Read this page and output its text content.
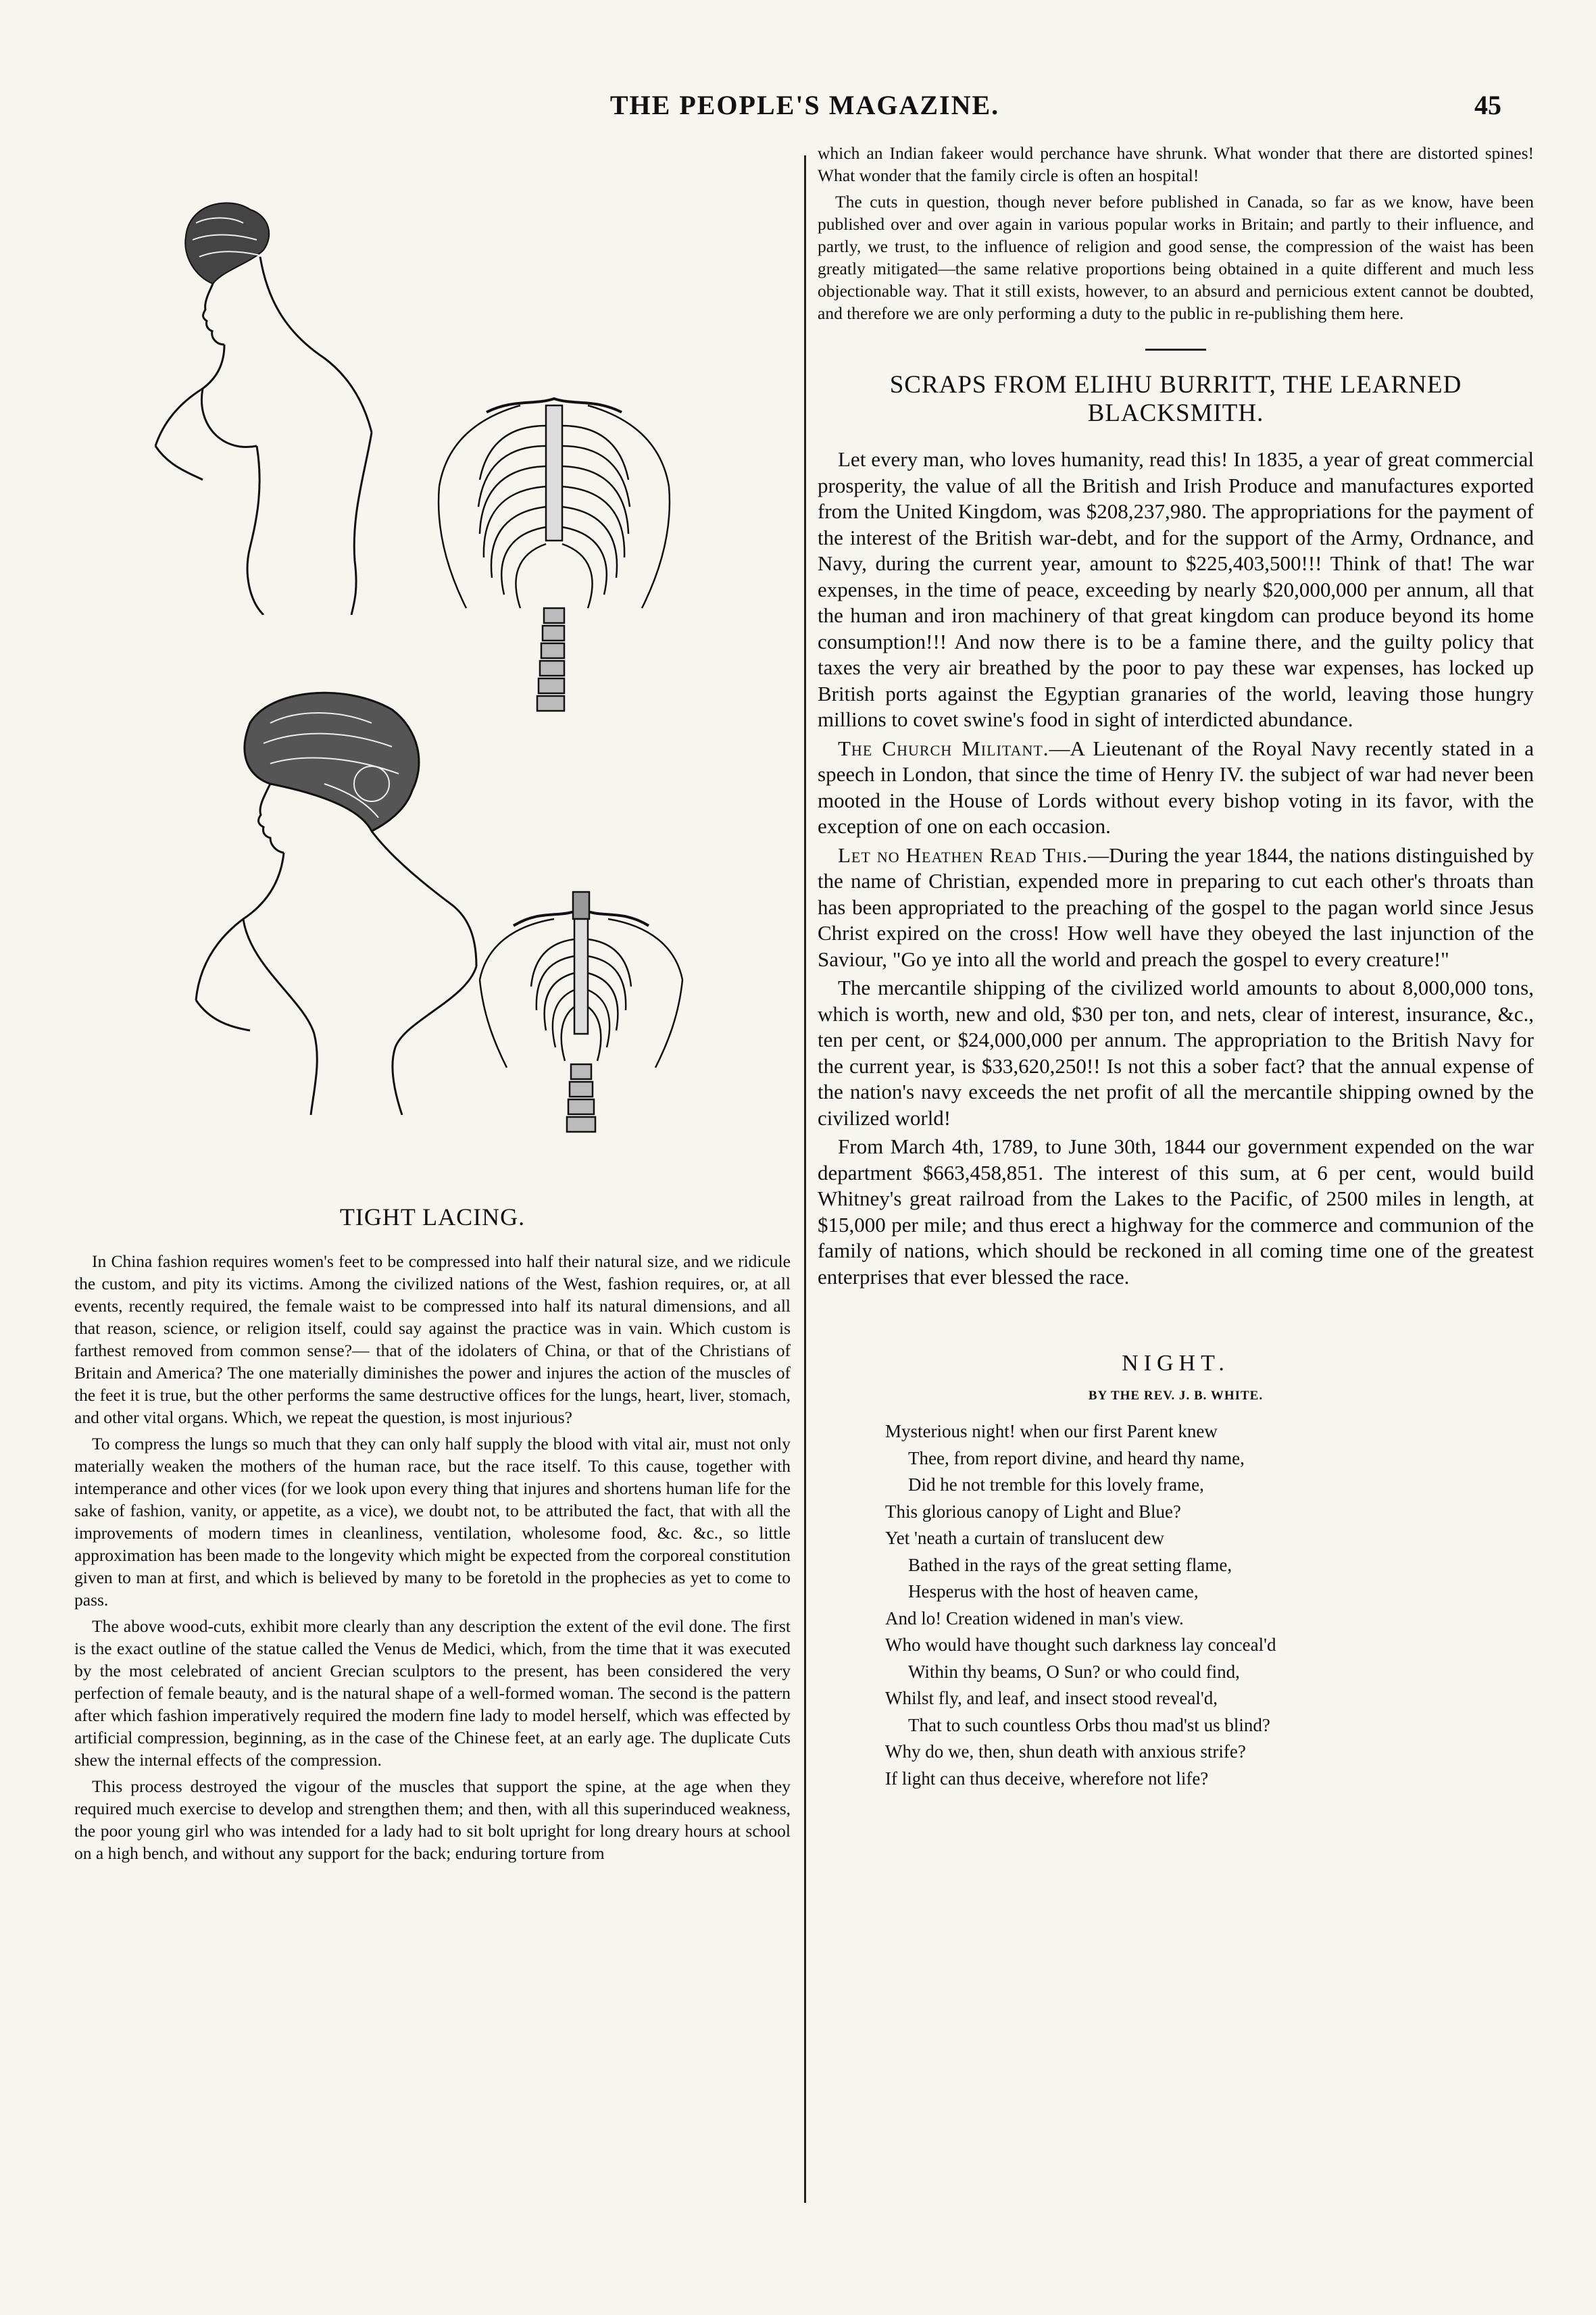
THE PEOPLE'S MAGAZINE.	45
TIGHT LACING.

In China fashion requires women's feet to be compressed into half their natural size, and we ridicule the custom, and pity its victims. Among the civilized nations of the West, fashion requires, or, at all events, recently required, the female waist to be compressed into half its natural dimensions, and all that reason, science, or religion itself, could say against the practice was in vain. Which custom is farthest removed from common sense?— that of the idolaters of China, or that of the Christians of Britain and America? The one materially diminishes the power and injures the action of the muscles of the feet it is true, but the other performs the same destructive offices for the lungs, heart, liver, stomach, and other vital organs. Which, we repeat the question, is most injurious?

To compress the lungs so much that they can only half supply the blood with vital air, must not only materially weaken the mothers of the human race, but the race itself. To this cause, together with intemperance and other vices (for we look upon every thing that injures and shortens human life for the sake of fashion, vanity, or appetite, as a vice), we doubt not, to be attributed the fact, that with all the improvements of modern times in cleanliness, ventilation, wholesome food, &c. &c., so little approximation has been made to the longevity which might be expected from the corporeal constitution given to man at first, and which is believed by many to be foretold in the prophecies as yet to come to pass.

The above wood-cuts, exhibit more clearly than any description the extent of the evil done. The first is the exact outline of the statue called the Venus de Medici, which, from the time that it was executed by the most celebrated of ancient Grecian sculptors to the present, has been considered the very perfection of female beauty, and is the natural shape of a well-formed woman. The second is the pattern after which fashion imperatively required the modern fine lady to model herself, which was effected by artificial compression, beginning, as in the case of the Chinese feet, at an early age. The duplicate Cuts shew the internal effects of the compression.

This process destroyed the vigour of the muscles that support the spine, at the age when they required much exercise to develop and strengthen them; and then, with all this superinduced weakness, the poor young girl who was intended for a lady had to sit bolt upright for long dreary hours at school on a high bench, and without any support for the back; enduring torture from

which an Indian fakeer would perchance have shrunk. What wonder that there are distorted spines! What wonder that the family circle is often an hospital!

The cuts in question, though never before published in Canada, so far as we know, have been published over and over again in various popular works in Britain; and partly to their influence, and partly, we trust, to the influence of religion and good sense, the compression of the waist has been greatly mitigated—the same relative proportions being obtained in a quite different and much less objectionable way. That it still exists, however, to an absurd and pernicious extent cannot be doubted, and therefore we are only performing a duty to the public in re-publishing them here.

SCRAPS FROM ELIHU BURRITT, THE LEARNED BLACKSMITH.

Let every man, who loves humanity, read this! In 1835, a year of great commercial prosperity, the value of all the British and Irish Produce and manufactures exported from the United Kingdom, was $208,237,980. The appropriations for the payment of the interest of the British war-debt, and for the support of the Army, Ordnance, and Navy, during the current year, amount to $225,403,500!!! Think of that! The war expenses, in the time of peace, exceeding by nearly $20,000,000 per annum, all that the human and iron machinery of that great kingdom can produce beyond its home consumption!!! And now there is to be a famine there, and the guilty policy that taxes the very air breathed by the poor to pay these war expenses, has locked up British ports against the Egyptian granaries of the world, leaving those hungry millions to covet swine's food in sight of interdicted abundance.

The Church Militant.—A Lieutenant of the Royal Navy recently stated in a speech in London, that since the time of Henry IV. the subject of war had never been mooted in the House of Lords without every bishop voting in its favor, with the exception of one on each occasion.

Let no Heathen Read This.—During the year 1844, the nations distinguished by the name of Christian, expended more in preparing to cut each other's throats than has been appropriated to the preaching of the gospel to the pagan world since Jesus Christ expired on the cross! How well have they obeyed the last injunction of the Saviour, "Go ye into all the world and preach the gospel to every creature!"

The mercantile shipping of the civilized world amounts to about 8,000,000 tons, which is worth, new and old, $30 per ton, and nets, clear of interest, insurance, &c., ten per cent, or $24,000,000 per annum. The appropriation to the British Navy for the current year, is $33,620,250!! Is not this a sober fact? that the annual expense of the nation's navy exceeds the net profit of all the mercantile shipping owned by the civilized world!

From March 4th, 1789, to June 30th, 1844 our government expended on the war department $663,458,851. The interest of this sum, at 6 per cent, would build Whitney's great railroad from the Lakes to the Pacific, of 2500 miles in length, at $15,000 per mile; and thus erect a highway for the commerce and communion of the family of nations, which should be reckoned in all coming time one of the greatest enterprises that ever blessed the race.

NIGHT.
BY THE REV. J. B. WHITE.
Mysterious night! when our first Parent knew
Thee, from report divine, and heard thy name,
Did he not tremble for this lovely frame,
This glorious canopy of Light and Blue?
Yet 'neath a curtain of translucent dew
Bathed in the rays of the great setting flame,
Hesperus with the host of heaven came,
And lo! Creation widened in man's view.
Who would have thought such darkness lay conceal'd
Within thy beams, O Sun? or who could find,
Whilst fly, and leaf, and insect stood reveal'd,
That to such countless Orbs thou mad'st us blind?
Why do we, then, shun death with anxious strife?
If light can thus deceive, wherefore not life?
